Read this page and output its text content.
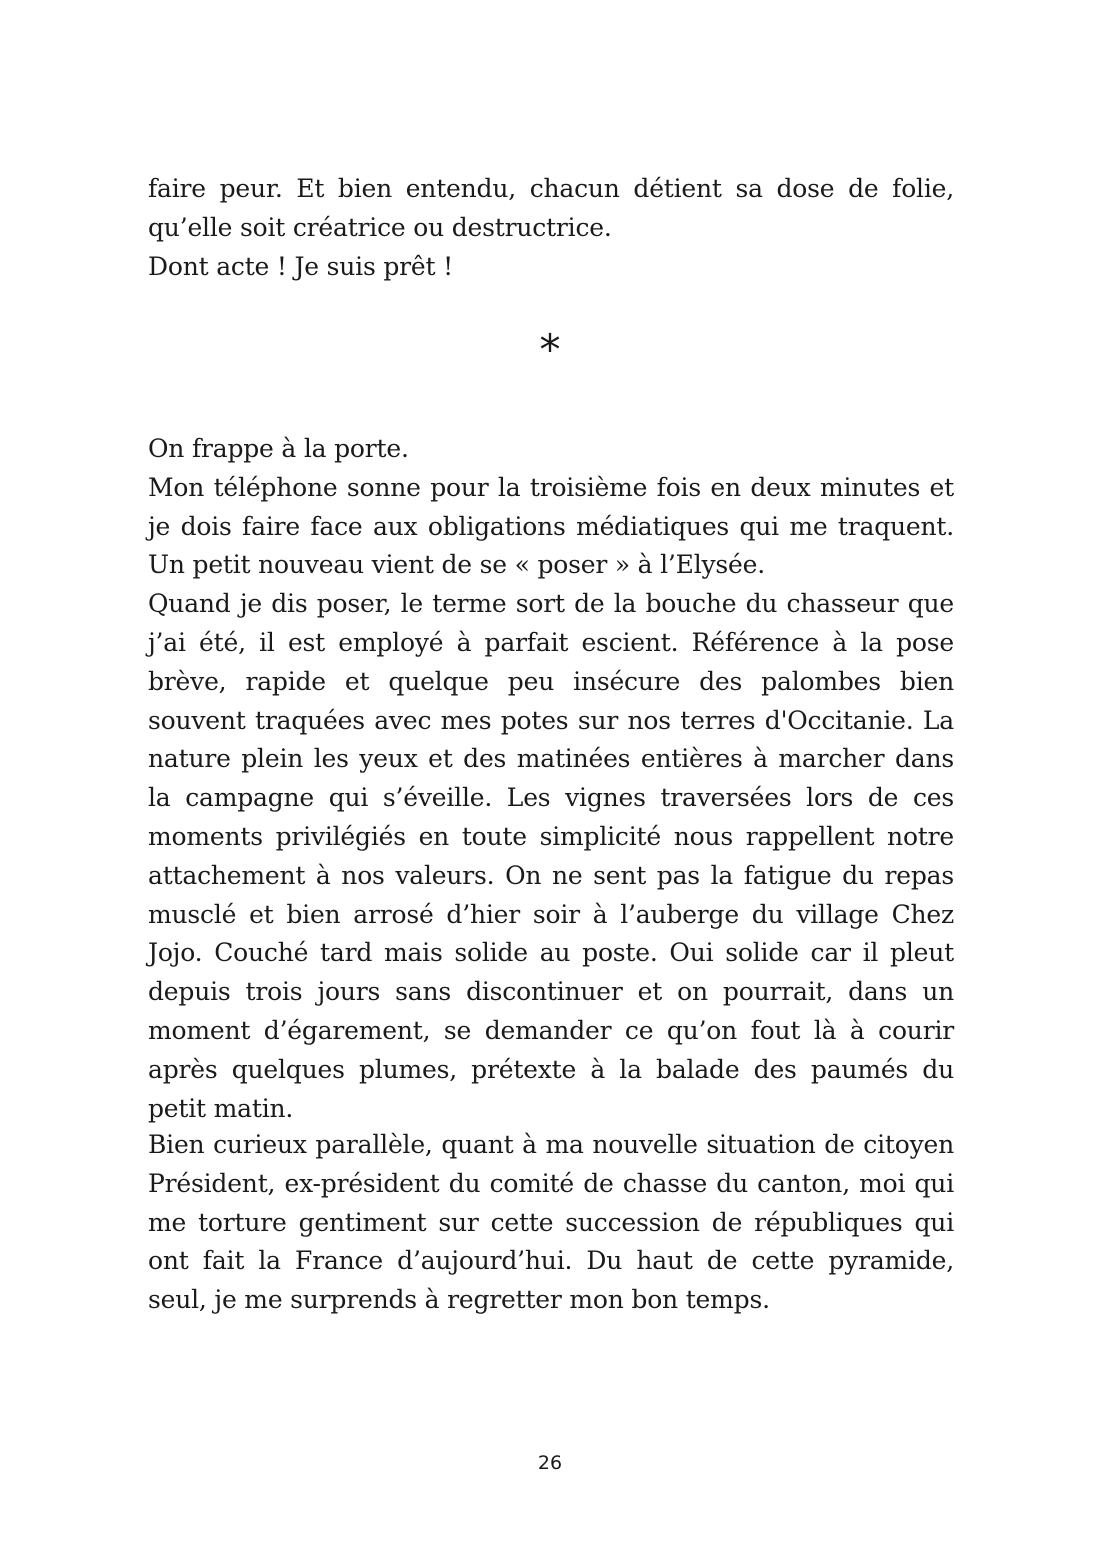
faire peur. Et bien entendu, chacun détient sa dose de folie, qu’elle soit créatrice ou destructrice.

Dont acte ! Je suis prêt !

*

On frappe à la porte.

Mon téléphone sonne pour la troisième fois en deux minutes et je dois faire face aux obligations médiatiques qui me traquent. Un petit nouveau vient de se « poser » à l’Elysée.

Quand je dis poser, le terme sort de la bouche du chasseur que j’ai été, il est employé à parfait escient. Référence à la pose brève, rapide et quelque peu insécure des palombes bien souvent traquées avec mes potes sur nos terres d'Occitanie. La nature plein les yeux et des matinées entières à marcher dans la campagne qui s’éveille. Les vignes traversées lors de ces moments privilégiés en toute simplicité nous rappellent notre attachement à nos valeurs. On ne sent pas la fatigue du repas musclé et bien arrosé d’hier soir à l’auberge du village Chez Jojo. Couché tard mais solide au poste. Oui solide car il pleut depuis trois jours sans discontinuer et on pourrait, dans un moment d’égarement, se demander ce qu’on fout là à courir après quelques plumes, prétexte à la balade des paumés du petit matin.

Bien curieux parallèle, quant à ma nouvelle situation de citoyen Président, ex-président du comité de chasse du canton, moi qui me torture gentiment sur cette succession de républiques qui ont fait la France d’aujourd’hui. Du haut de cette pyramide, seul, je me surprends à regretter mon bon temps.

26
